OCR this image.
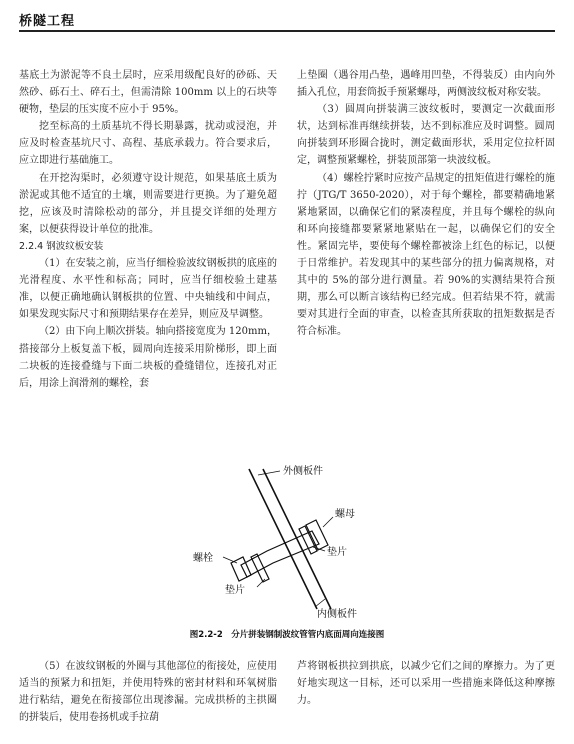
桥隧工程

基底土为淤泥等不良土层时，应采用级配良好的砂砾、天然砂、砾石土、碎石土，但需清除 100mm 以上的石块等硬物，垫层的压实度不应小于 95%。

挖至标高的土质基坑不得长期暴露，扰动或浸泡，并应及时检查基坑尺寸、高程、基底承载力。符合要求后，应立即进行基础施工。

在开挖沟渠时，必须遵守设计规范，如果基底土质为淤泥或其他不适宜的土壤，则需要进行更换。为了避免超挖，应该及时清除松动的部分，并且提交详细的处理方案，以便获得设计单位的批准。

2.2.4 钢波纹板安装

（1）在安装之前，应当仔细检验波纹钢板拱的底座的光滑程度、水平性和标高；同时，应当仔细校验土建基准，以便正确地确认钢板拱的位置、中央轴线和中间点，如果发现实际尺寸和预期结果存在差异，则应及早调整。

（2）由下向上顺次拼装。轴向搭接宽度为 120mm，搭接部分上板复盖下板，圆周向连接采用阶梯形，即上面二块板的连接叠缝与下面二块板的叠缝错位，连接孔对正后，用涂上润滑剂的螺栓，套

上垫圈（遇谷用凸垫，遇峰用凹垫，不得装反）由内向外插入孔位，用套筒扳手预紧螺母，两侧波纹板对称安装。

（3）圆周向拼装满三波纹板时，要测定一次截面形状，达到标准再继续拼装，达不到标准应及时调整。圆周向拼装到环形圈合拢时，测定截面形状，采用定位拉杆固定，调整预紧螺栓，拼装顶部第一块波纹板。

（4）螺栓拧紧时应按产品规定的扭矩值进行螺栓的施拧（JTG/T 3650-2020），对于每个螺栓，都要精确地紧紧地紧固，以确保它们的紧凑程度，并且每个螺栓的纵向和环向接缝都要紧紧地紧贴在一起，以确保它们的安全性。紧固完毕，要使每个螺栓都被涂上红色的标记，以便于日常维护。若发现其中的某些部分的扭力偏离规格，对其中的 5%的部分进行测量。若 90%的实测结果符合预期，那么可以断言该结构已经完成。但若结果不符，就需要对其进行全面的审查，以检查其所获取的扭矩数据是否符合标准。

外侧板件
螺母
垫片
螺栓
垫片
内侧板件
图2.2-2　分片拼装钢制波纹管管内底面周向连接图

（5）在波纹钢板的外圈与其他部位的衔接处，应使用适当的预紧力和扭矩，并使用特殊的密封材料和环氧树脂进行粘结，避免在衔接部位出现渗漏。完成拱桥的主拱圈的拼装后，使用卷扬机或手拉葫

芦将钢板拱拉到拱底，以减少它们之间的摩擦力。为了更好地实现这一目标，还可以采用一些措施来降低这种摩擦力。
